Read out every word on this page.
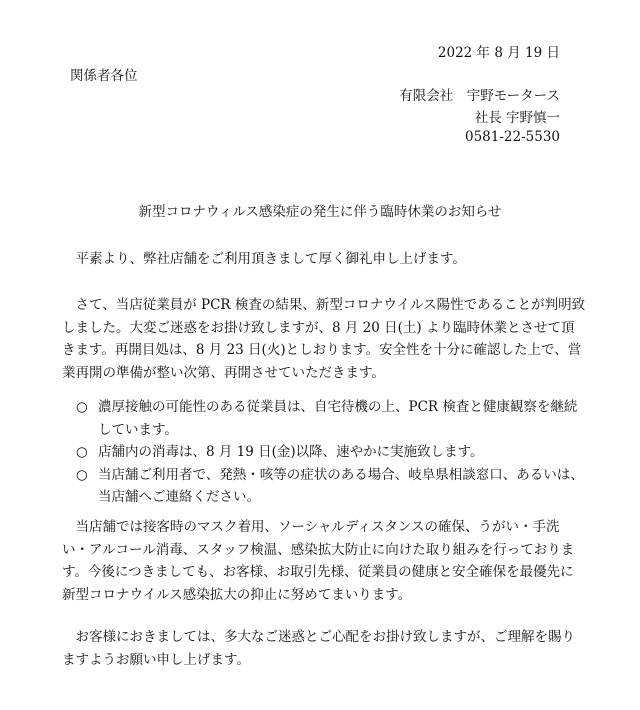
2022 年 8 月 19 日
関係者各位
有限会社　宇野モータース
社長 宇野慎一
0581-22-5530
新型コロナウィルス感染症の発生に伴う臨時休業のお知らせ

平素より、弊社店舗をご利用頂きまして厚く御礼申し上げます。

さて、当店従業員が PCR 検査の結果、新型コロナウイルス陽性であることが判明致しました。大変ご迷惑をお掛け致しますが、8 月 20 日(土) より臨時休業とさせて頂きます。再開目処は、8 月 23 日(火)としおります。安全性を十分に確認した上で、営業再開の準備が整い次第、再開させていただきます。

○ 濃厚接触の可能性のある従業員は、自宅待機の上、PCR 検査と健康観察を継続しています。
○ 店舗内の消毒は、8 月 19 日(金)以降、速やかに実施致します。
○ 当店舗ご利用者で、発熱・咳等の症状のある場合、岐阜県相談窓口、あるいは、当店舗へご連絡ください。

当店舗では接客時のマスク着用、ソーシャルディスタンスの確保、うがい・手洗い・アルコール消毒、スタッフ検温、感染拡大防止に向けた取り組みを行っております。今後につきましても、お客様、お取引先様、従業員の健康と安全確保を最優先に新型コロナウイルス感染拡大の抑止に努めてまいります。

お客様におきましては、多大なご迷惑とご心配をお掛け致しますが、ご理解を賜りますようお願い申し上げます。
